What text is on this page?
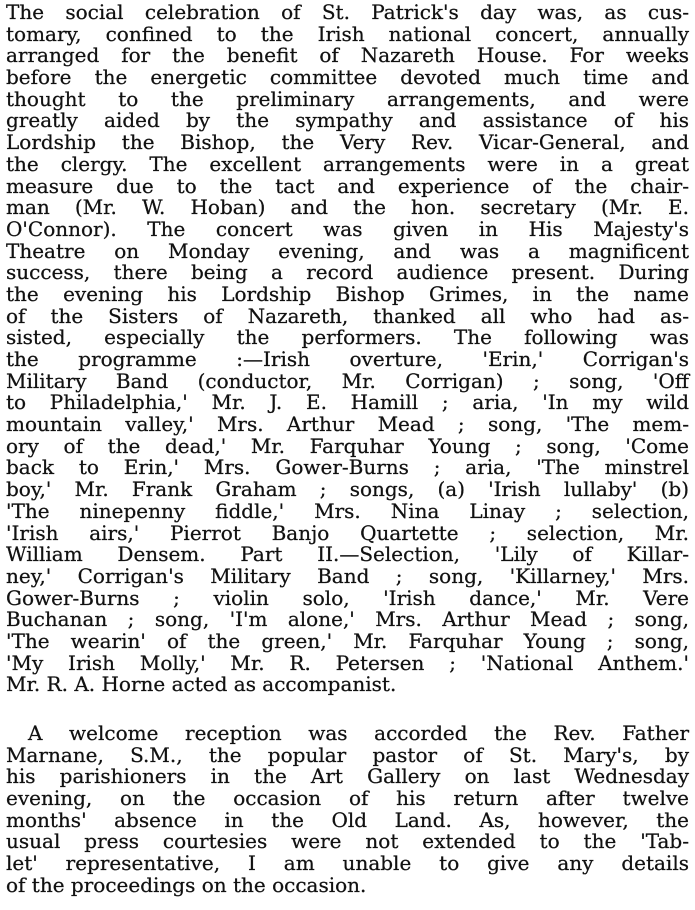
The social celebration of St. Patrick's day was, as cus-
tomary, confined to the Irish national concert, annually
arranged for the benefit of Nazareth House. For weeks
before the energetic committee devoted much time and
thought to the preliminary arrangements, and were
greatly aided by the sympathy and assistance of his
Lordship the Bishop, the Very Rev. Vicar-General, and
the clergy. The excellent arrangements were in a great
measure due to the tact and experience of the chair-
man (Mr. W. Hoban) and the hon. secretary (Mr. E.
O'Connor). The concert was given in His Majesty's
Theatre on Monday evening, and was a magnificent
success, there being a record audience present. During
the evening his Lordship Bishop Grimes, in the name
of the Sisters of Nazareth, thanked all who had as-
sisted, especially the performers. The following was
the programme :—Irish overture, 'Erin,' Corrigan's
Military Band (conductor, Mr. Corrigan) ; song, 'Off
to Philadelphia,' Mr. J. E. Hamill ; aria, 'In my wild
mountain valley,' Mrs. Arthur Mead ; song, 'The mem-
ory of the dead,' Mr. Farquhar Young ; song, 'Come
back to Erin,' Mrs. Gower-Burns ; aria, 'The minstrel
boy,' Mr. Frank Graham ; songs, (a) 'Irish lullaby' (b)
'The ninepenny fiddle,' Mrs. Nina Linay ; selection,
'Irish airs,' Pierrot Banjo Quartette ; selection, Mr.
William Densem. Part II.—Selection, 'Lily of Killar-
ney,' Corrigan's Military Band ; song, 'Killarney,' Mrs.
Gower-Burns ; violin solo, 'Irish dance,' Mr. Vere
Buchanan ; song, 'I'm alone,' Mrs. Arthur Mead ; song,
'The wearin' of the green,' Mr. Farquhar Young ; song,
'My Irish Molly,' Mr. R. Petersen ; 'National Anthem.'
Mr. R. A. Horne acted as accompanist.
A welcome reception was accorded the Rev. Father
Marnane, S.M., the popular pastor of St. Mary's, by
his parishioners in the Art Gallery on last Wednesday
evening, on the occasion of his return after twelve
months' absence in the Old Land. As, however, the
usual press courtesies were not extended to the 'Tab-
let' representative, I am unable to give any details
of the proceedings on the occasion.
